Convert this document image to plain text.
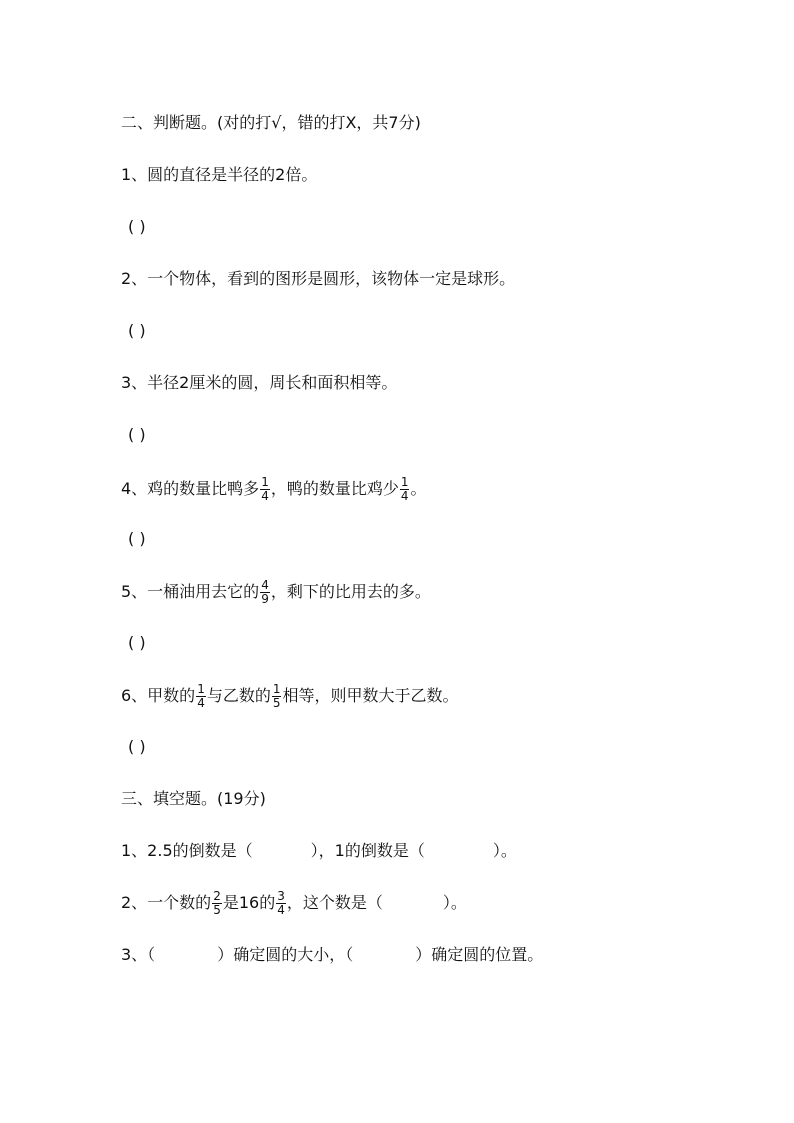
二、判断题。(对的打√，错的打X，共7分)
1、圆的直径是半径的2倍。
( )
2、一个物体，看到的图形是圆形，该物体一定是球形。
( )
3、半径2厘米的圆，周长和面积相等。
( )
4、鸡的数量比鸭多 $\frac{1}{4}$ ，鸭的数量比鸡少 $\frac{1}{4}$ 。
( )
5、一桶油用去它的 $\frac{4}{9}$ ，剩下的比用去的多。
( )
6、甲数的 $\frac{1}{4}$ 与乙数的 $\frac{1}{5}$ 相等，则甲数大于乙数。
( )
三、填空题。(19分)
1、2.5的倒数是（	），1的倒数是（	）。
2、一个数的 $\frac{2}{5}$ 是16的 $\frac{3}{4}$ ，这个数是（	）。
3、（	）确定圆的大小，（	）确定圆的位置。
